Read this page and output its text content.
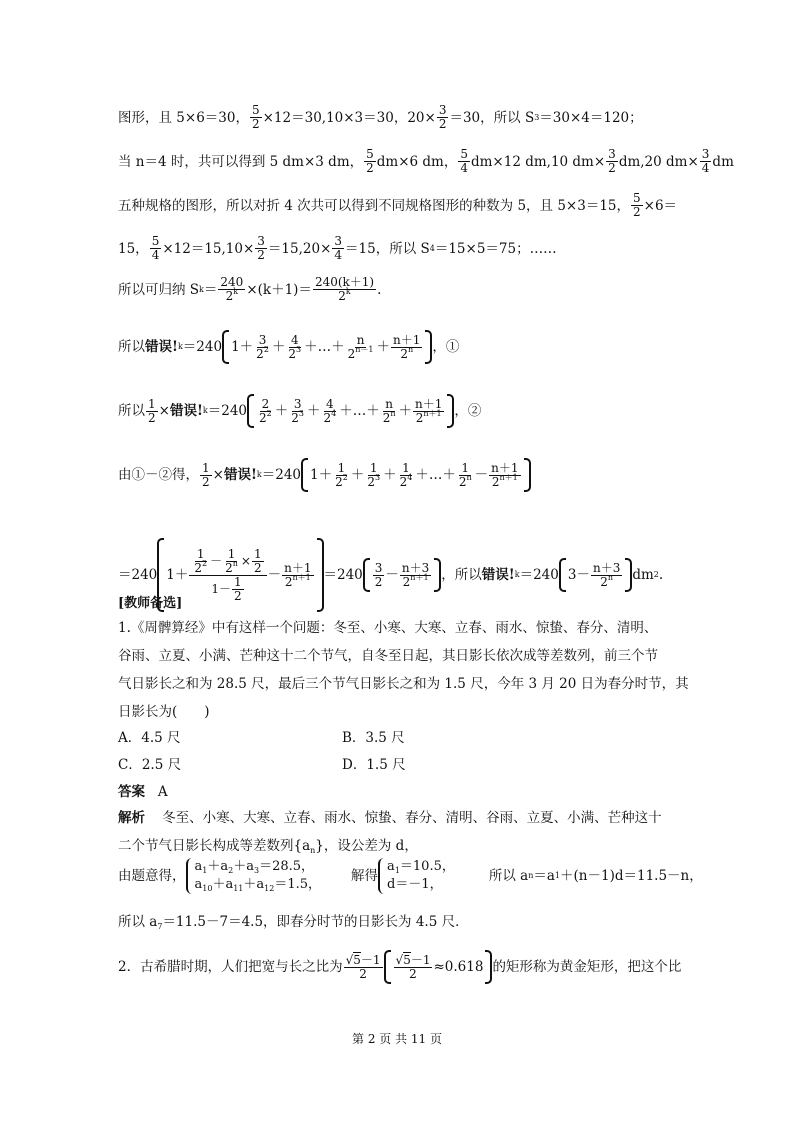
图形，且 5×6＝30， $\frac{5}{2} \times 12=30,10\times 3=30$，$20\times \frac{3}{2} =30$，所以 S 3 ＝30×4＝120；
当 n＝4 时，共可以得到 5 dm×3 dm， $\frac{5}{2} dm\times 6$ dm， $\frac{5}{4} dm\times 12$ dm,10 $dm\times \frac{3}{2} dm,20$ $dm\times \frac{3}{4}$ dm
五种规格的图形，所以对折 4 次共可以得到不同规格图形的种数为 5，且 5×3＝15， $\frac{5}{2} \times 6=$
15， $\frac{5}{4} \times 12=15,10\times \frac{3}{2} =15,20\times \frac{3}{4} =15$，所以 S 4 ＝15×5＝75；……
所以可归纳 S $k = \frac{240}{2^k} \times(k+1)= \frac{240(k+1)}{2^k}$ .
所以 错误! k ＝240 $1+ \frac{3}{2^2} + \frac{4}{2^3}$ ＋…＋ $\frac{n}{2^{n-1}} + \frac{n+1}{2^n}$ ，①
所以 $\frac{1}{2}$ × 错误! $k =240 \frac{2}{2^2} + \frac{3}{2^3} + \frac{4}{2^4}$ ＋…＋ $\frac{n}{2^n} + \frac{n+1}{2^{n+1}}$ ，②
由①－②得， $\frac{1}{2}$ × 错误! k ＝240 $1+ \frac{1}{2^2} + \frac{1}{2^3} + \frac{1}{2^4}$ ＋…＋ $\frac{1}{2^n} - \frac{n+1}{2^{n+1}}$
＝240 $1+ \frac{\frac{1}{2^2} - \frac{1}{2^n} \times \frac{1}{2}}{1- \frac{1}{2}} - \frac{n+1}{2^{n+1}} =240 \frac{3}{2} - \frac{n+3}{2^{n+1}}$ ，所以 错误! k ＝240 $3- \frac{n+3}{2^n}$ dm 2 .
[教师备选]
1.《周髀算经》中有这样一个问题：冬至、小寒、大寒、立春、雨水、惊蛰、春分、清明、
谷雨、立夏、小满、芒种这十二个节气，自冬至日起，其日影长依次成等差数列，前三个节
气日影长之和为 28.5 尺，最后三个节气日影长之和为 1.5 尺，今年 3 月 20 日为春分时节，其
日影长为(　　)
A．4.5 尺	B．3.5 尺
C．2.5 尺	D．1.5 尺
答案 A
解析 冬至、小寒、大寒、立春、雨水、惊蛰、春分、清明、谷雨、立夏、小满、芒种这十
二个节气日影长构成等差数列$\{a_n\}$，设公差为 d，
由题意得，
$a_1+a_2+a_3=28.5$，
$a_{10}+a_{11}+a_{12}=1.5$，
解得
$a_1=10.5$，
d＝－1，
所以 a n ＝a 1 ＋(n－1)d＝11.5－n，
所以 $a_7=11.5-7=4.5$，即春分时节的日影长为 4.5 尺．
2．古希腊时期，人们把宽与长之比为 $\frac{√5-1}{2} \frac{√5-1}{2} \approx 0.618$ 的矩形称为黄金矩形，把这个比
第 2 页 共 11 页
